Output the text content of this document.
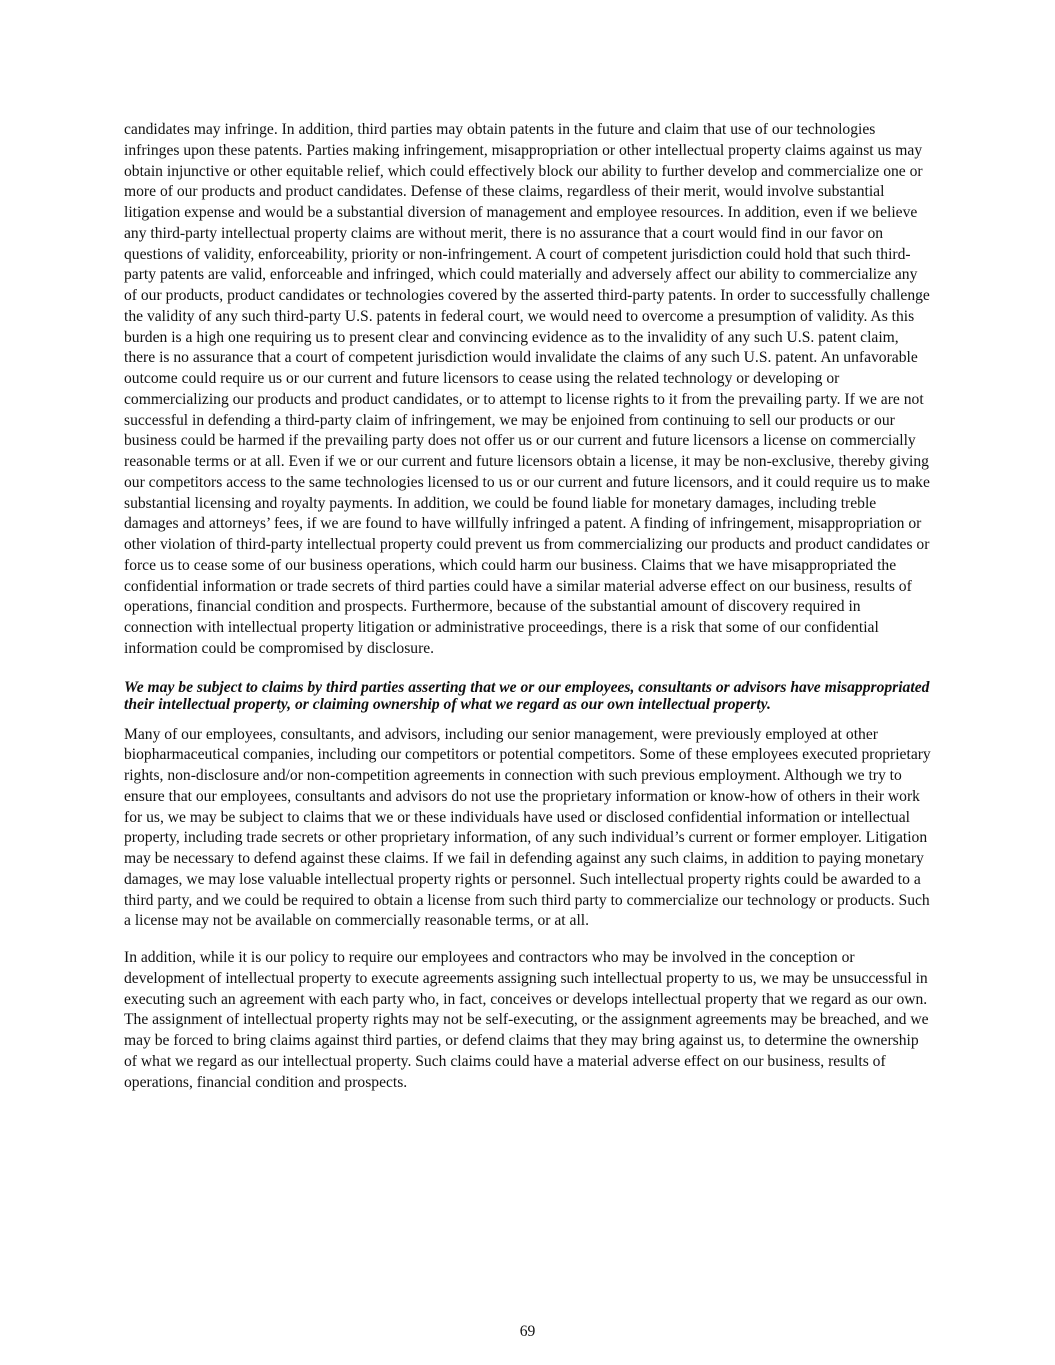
candidates may infringe. In addition, third parties may obtain patents in the future and claim that use of our technologies infringes upon these patents. Parties making infringement, misappropriation or other intellectual property claims against us may obtain injunctive or other equitable relief, which could effectively block our ability to further develop and commercialize one or more of our products and product candidates. Defense of these claims, regardless of their merit, would involve substantial litigation expense and would be a substantial diversion of management and employee resources. In addition, even if we believe any third-party intellectual property claims are without merit, there is no assurance that a court would find in our favor on questions of validity, enforceability, priority or non-infringement. A court of competent jurisdiction could hold that such third-party patents are valid, enforceable and infringed, which could materially and adversely affect our ability to commercialize any of our products, product candidates or technologies covered by the asserted third-party patents. In order to successfully challenge the validity of any such third-party U.S. patents in federal court, we would need to overcome a presumption of validity. As this burden is a high one requiring us to present clear and convincing evidence as to the invalidity of any such U.S. patent claim, there is no assurance that a court of competent jurisdiction would invalidate the claims of any such U.S. patent. An unfavorable outcome could require us or our current and future licensors to cease using the related technology or developing or commercializing our products and product candidates, or to attempt to license rights to it from the prevailing party. If we are not successful in defending a third-party claim of infringement, we may be enjoined from continuing to sell our products or our business could be harmed if the prevailing party does not offer us or our current and future licensors a license on commercially reasonable terms or at all. Even if we or our current and future licensors obtain a license, it may be non-exclusive, thereby giving our competitors access to the same technologies licensed to us or our current and future licensors, and it could require us to make substantial licensing and royalty payments. In addition, we could be found liable for monetary damages, including treble damages and attorneys’ fees, if we are found to have willfully infringed a patent. A finding of infringement, misappropriation or other violation of third-party intellectual property could prevent us from commercializing our products and product candidates or force us to cease some of our business operations, which could harm our business. Claims that we have misappropriated the confidential information or trade secrets of third parties could have a similar material adverse effect on our business, results of operations, financial condition and prospects. Furthermore, because of the substantial amount of discovery required in connection with intellectual property litigation or administrative proceedings, there is a risk that some of our confidential information could be compromised by disclosure.

We may be subject to claims by third parties asserting that we or our employees, consultants or advisors have misappropriated their intellectual property, or claiming ownership of what we regard as our own intellectual property.

Many of our employees, consultants, and advisors, including our senior management, were previously employed at other biopharmaceutical companies, including our competitors or potential competitors. Some of these employees executed proprietary rights, non-disclosure and/or non-competition agreements in connection with such previous employment. Although we try to ensure that our employees, consultants and advisors do not use the proprietary information or know-how of others in their work for us, we may be subject to claims that we or these individuals have used or disclosed confidential information or intellectual property, including trade secrets or other proprietary information, of any such individual’s current or former employer. Litigation may be necessary to defend against these claims. If we fail in defending against any such claims, in addition to paying monetary damages, we may lose valuable intellectual property rights or personnel. Such intellectual property rights could be awarded to a third party, and we could be required to obtain a license from such third party to commercialize our technology or products. Such a license may not be available on commercially reasonable terms, or at all.

In addition, while it is our policy to require our employees and contractors who may be involved in the conception or development of intellectual property to execute agreements assigning such intellectual property to us, we may be unsuccessful in executing such an agreement with each party who, in fact, conceives or develops intellectual property that we regard as our own. The assignment of intellectual property rights may not be self-executing, or the assignment agreements may be breached, and we may be forced to bring claims against third parties, or defend claims that they may bring against us, to determine the ownership of what we regard as our intellectual property. Such claims could have a material adverse effect on our business, results of operations, financial condition and prospects.

69
